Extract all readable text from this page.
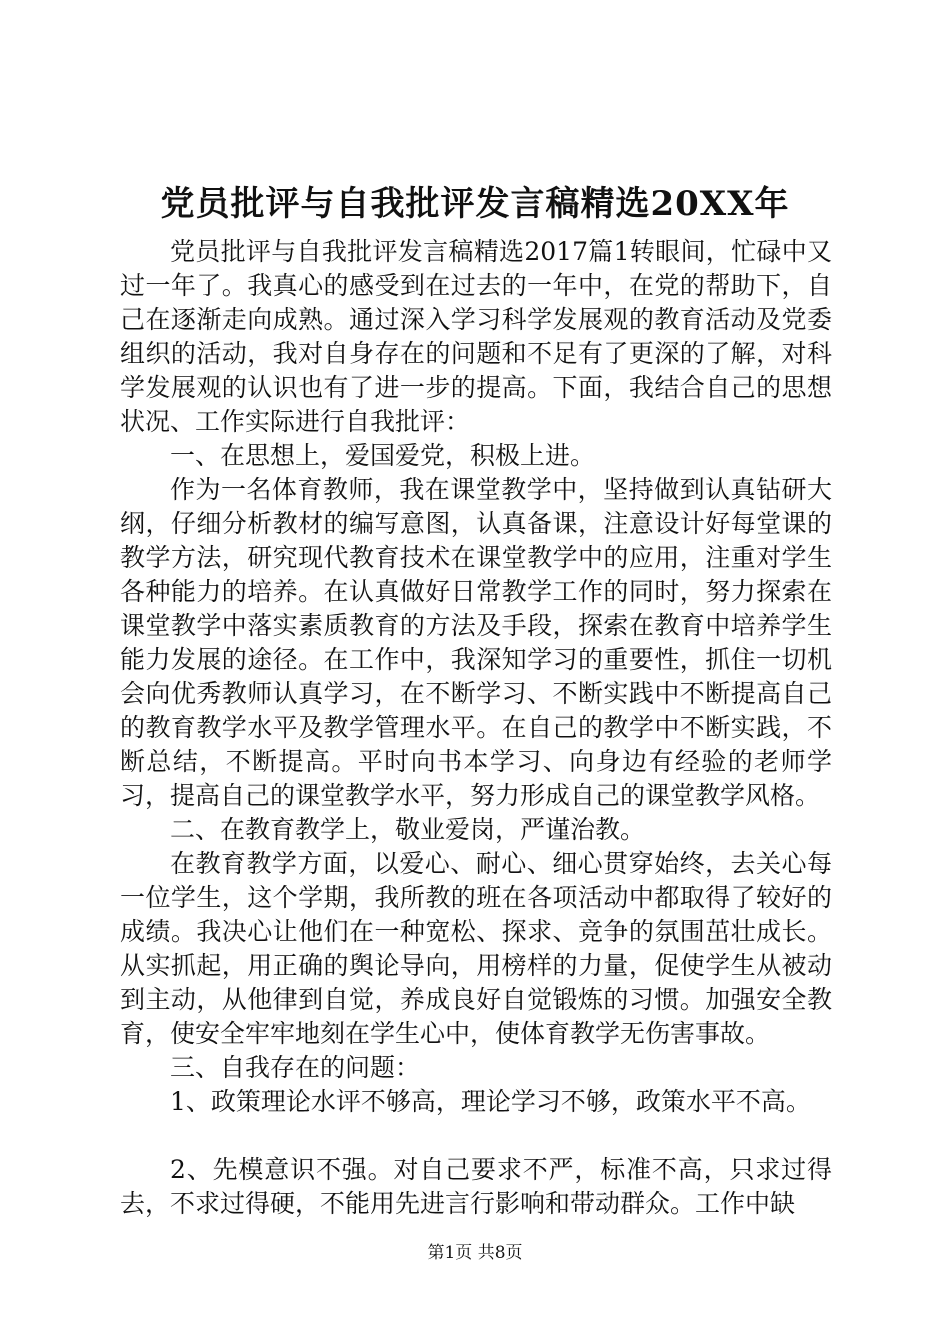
党员批评与自我批评发言稿精选20XX年

党员批评与自我批评发言稿精选2017篇1转眼间，忙碌中又过一年了。我真心的感受到在过去的一年中，在党的帮助下，自己在逐渐走向成熟。通过深入学习科学发展观的教育活动及党委组织的活动，我对自身存在的问题和不足有了更深的了解，对科学发展观的认识也有了进一步的提高。下面，我结合自己的思想状况、工作实际进行自我批评：

一、在思想上，爱国爱党，积极上进。

作为一名体育教师，我在课堂教学中，坚持做到认真钻研大纲，仔细分析教材的编写意图，认真备课，注意设计好每堂课的教学方法，研究现代教育技术在课堂教学中的应用，注重对学生各种能力的培养。在认真做好日常教学工作的同时，努力探索在课堂教学中落实素质教育的方法及手段，探索在教育中培养学生能力发展的途径。在工作中，我深知学习的重要性，抓住一切机会向优秀教师认真学习，在不断学习、不断实践中不断提高自己的教育教学水平及教学管理水平。在自己的教学中不断实践，不断总结，不断提高。平时向书本学习、向身边有经验的老师学习，提高自己的课堂教学水平，努力形成自己的课堂教学风格。

二、在教育教学上，敬业爱岗，严谨治教。

在教育教学方面，以爱心、耐心、细心贯穿始终，去关心每一位学生，这个学期，我所教的班在各项活动中都取得了较好的成绩。我决心让他们在一种宽松、探求、竞争的氛围茁壮成长。从实抓起，用正确的舆论导向，用榜样的力量，促使学生从被动到主动，从他律到自觉，养成良好自觉锻炼的习惯。加强安全教育，使安全牢牢地刻在学生心中，使体育教学无伤害事故。

三、自我存在的问题：

1、政策理论水评不够高，理论学习不够，政策水平不高。

2、先模意识不强。对自己要求不严，标准不高，只求过得去，不求过得硬，不能用先进言行影响和带动群众。工作中缺

第1页 共8页
